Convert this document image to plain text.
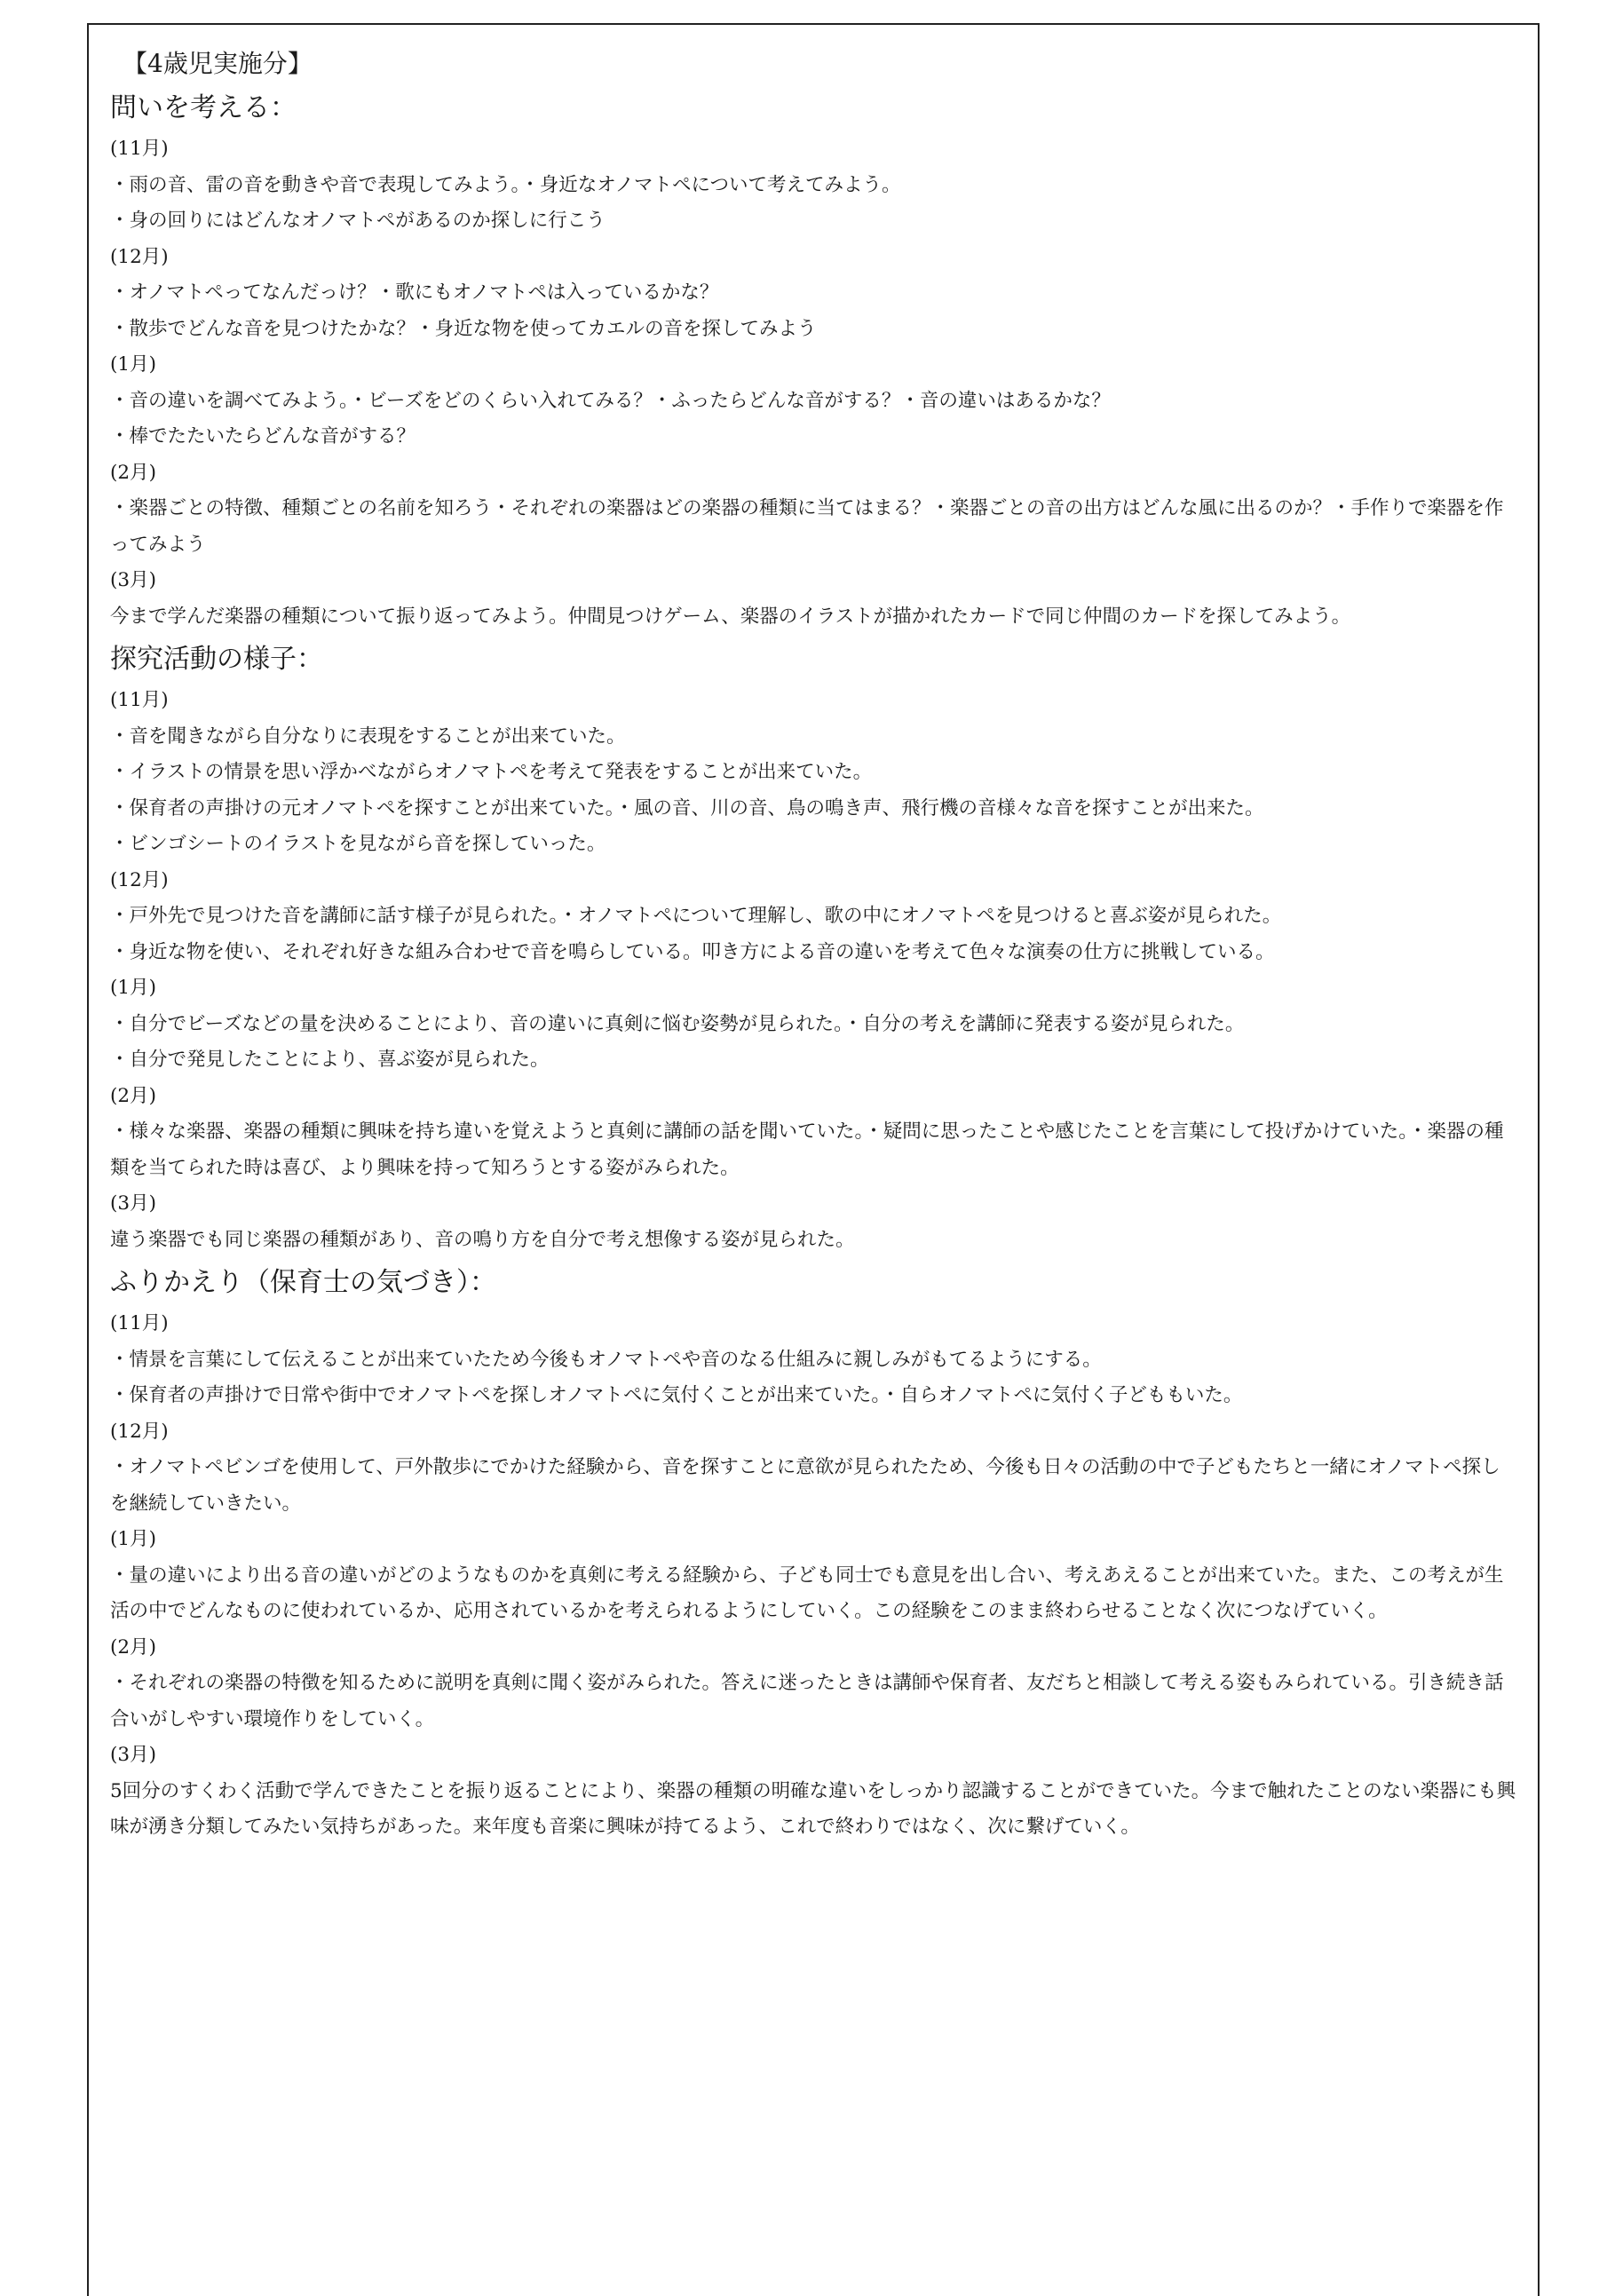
【4歳児実施分】
問いを考える：
(11月)
・雨の音、雷の音を動きや音で表現してみよう。・身近なオノマトペについて考えてみよう。
・身の回りにはどんなオノマトペがあるのか探しに行こう
(12月)
・オノマトペってなんだっけ？・歌にもオノマトペは入っているかな？
・散歩でどんな音を見つけたかな？・身近な物を使ってカエルの音を探してみよう
(1月)
・音の違いを調べてみよう。・ビーズをどのくらい入れてみる？・ふったらどんな音がする？・音の違いはあるかな？
・棒でたたいたらどんな音がする？
(2月)
・楽器ごとの特徴、種類ごとの名前を知ろう・それぞれの楽器はどの楽器の種類に当てはまる？・楽器ごとの音の出方はどんな風に出るのか？・手作りで楽器を作ってみよう
(3月)
今まで学んだ楽器の種類について振り返ってみよう。仲間見つけゲーム、楽器のイラストが描かれたカードで同じ仲間のカードを探してみよう。
探究活動の様子：
(11月)
・音を聞きながら自分なりに表現をすることが出来ていた。
・イラストの情景を思い浮かべながらオノマトペを考えて発表をすることが出来ていた。
・保育者の声掛けの元オノマトペを探すことが出来ていた。・風の音、川の音、鳥の鳴き声、飛行機の音様々な音を探すことが出来た。
・ビンゴシートのイラストを見ながら音を探していった。
(12月)
・戸外先で見つけた音を講師に話す様子が見られた。・オノマトペについて理解し、歌の中にオノマトペを見つけると喜ぶ姿が見られた。
・身近な物を使い、それぞれ好きな組み合わせで音を鳴らしている。叩き方による音の違いを考えて色々な演奏の仕方に挑戦している。
(1月)
・自分でビーズなどの量を決めることにより、音の違いに真剣に悩む姿勢が見られた。・自分の考えを講師に発表する姿が見られた。
・自分で発見したことにより、喜ぶ姿が見られた。
(2月)
・様々な楽器、楽器の種類に興味を持ち違いを覚えようと真剣に講師の話を聞いていた。・疑問に思ったことや感じたことを言葉にして投げかけていた。・楽器の種類を当てられた時は喜び、より興味を持って知ろうとする姿がみられた。
(3月)
違う楽器でも同じ楽器の種類があり、音の鳴り方を自分で考え想像する姿が見られた。
ふりかえり（保育士の気づき）：
(11月)
・情景を言葉にして伝えることが出来ていたため今後もオノマトペや音のなる仕組みに親しみがもてるようにする。
・保育者の声掛けで日常や街中でオノマトペを探しオノマトペに気付くことが出来ていた。・自らオノマトペに気付く子どももいた。
(12月)
・オノマトペビンゴを使用して、戸外散歩にでかけた経験から、音を探すことに意欲が見られたため、今後も日々の活動の中で子どもたちと一緒にオノマトペ探しを継続していきたい。
(1月)
・量の違いにより出る音の違いがどのようなものかを真剣に考える経験から、子ども同士でも意見を出し合い、考えあえることが出来ていた。また、この考えが生活の中でどんなものに使われているか、応用されているかを考えられるようにしていく。この経験をこのまま終わらせることなく次につなげていく。
(2月)
・それぞれの楽器の特徴を知るために説明を真剣に聞く姿がみられた。答えに迷ったときは講師や保育者、友だちと相談して考える姿もみられている。引き続き話合いがしやすい環境作りをしていく。
(3月)
5回分のすくわく活動で学んできたことを振り返ることにより、楽器の種類の明確な違いをしっかり認識することができていた。今まで触れたことのない楽器にも興味が湧き分類してみたい気持ちがあった。来年度も音楽に興味が持てるよう、これで終わりではなく、次に繋げていく。
